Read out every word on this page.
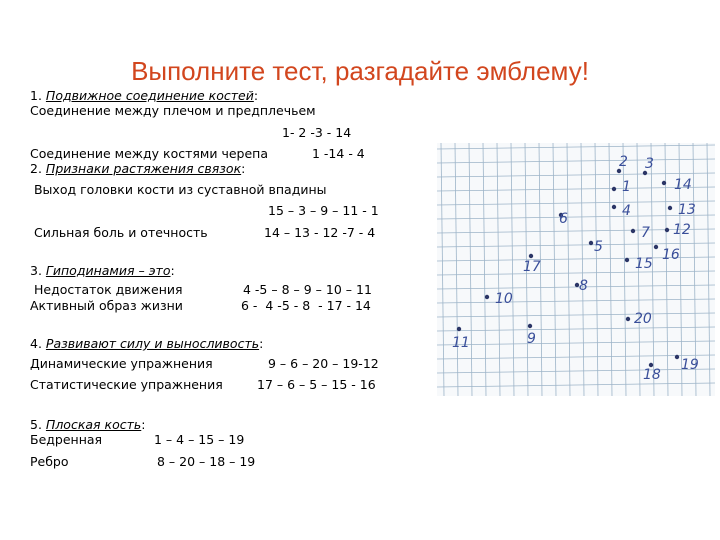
Выполните тест, разгадайте эмблему!
1. Подвижное соединение костей:
Соединение между плечом и предплечьем
1- 2 -3 - 14
Соединение между костями черепа	1 -14 - 4
2. Признаки растяжения связок:
Выход головки кости из суставной впадины
15 – 3 – 9 – 11 - 1
Сильная боль и отечность	14 – 13 - 12 -7 - 4
3. Гиподинамия – это:
Недостаток движения	4 -5 – 8 – 9 – 10 – 11
Активный образ жизни	6 -  4 -5 - 8  - 17 - 14
4. Развивают силу и выносливость:
Динамические упражнения	9 – 6 – 20 – 19-12
Статистические упражнения	17 – 6 – 5 – 15 - 16
5. Плоская кость:
Бедренная	1 – 4 – 15 – 19
Ребро	8 – 20 – 18 – 19
1
2 3
4
5
6
7
8
9
10
11
12
13
14
15
16
17
18
19
20
